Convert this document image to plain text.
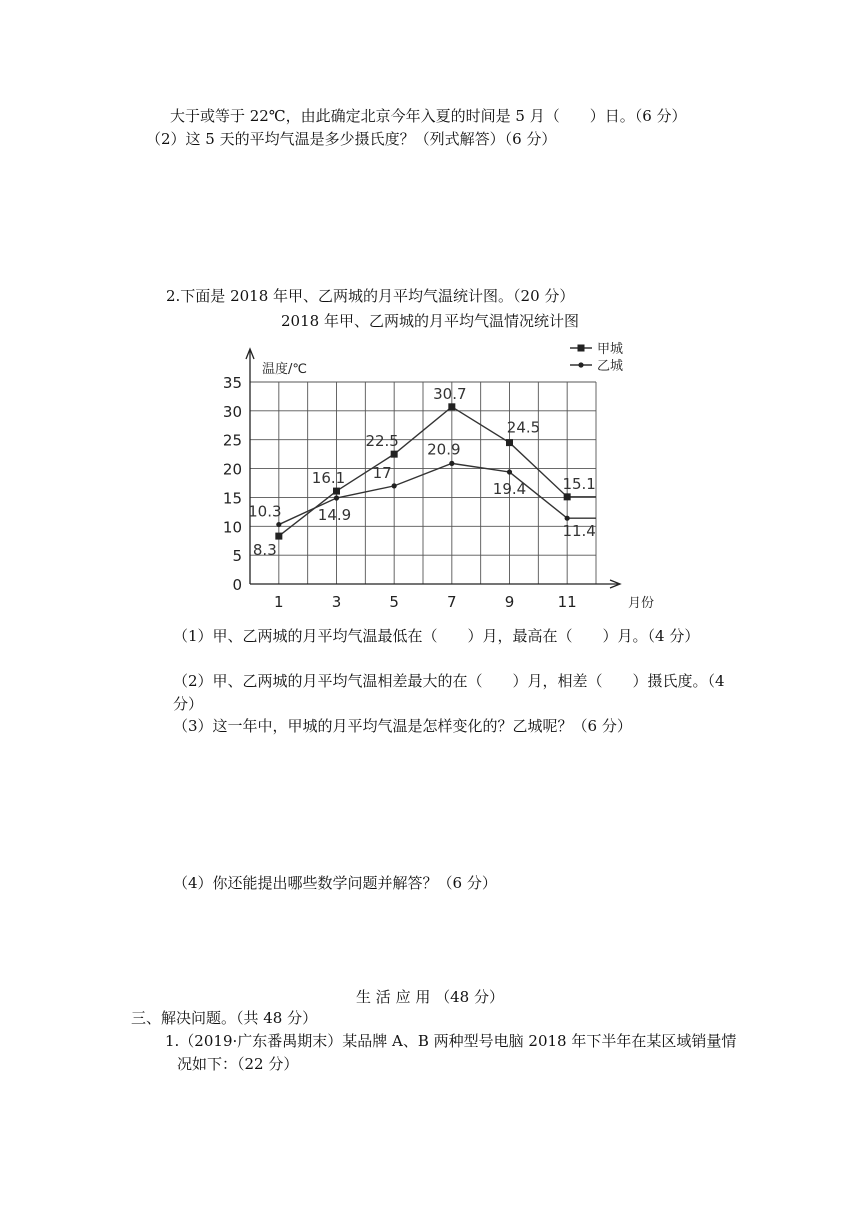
大于或等于 22℃，由此确定北京今年入夏的时间是 5 月（　　）日。（6 分）
（2）这 5 天的平均气温是多少摄氏度？（列式解答）（6 分）
2.下面是 2018 年甲、乙两城的月平均气温统计图。（20 分）
2018 年甲、乙两城的月平均气温情况统计图
0
5
10
15
20
25
30
35
1	3	5	7	9	11
温度/℃
月份
8.3
16.1
22.5
30.7
24.5
15.1
10.3 14.9
17
20.9
19.4
11.4
甲城
乙城
（1）甲、乙两城的月平均气温最低在（　　）月，最高在（　　）月。（4 分）
（2）甲、乙两城的月平均气温相差最大的在（　　）月，相差（　　）摄氏度。（4 分）
（3）这一年中，甲城的月平均气温是怎样变化的？乙城呢？（6 分）
（4）你还能提出哪些数学问题并解答？（6 分）
生 活 应 用 （48 分）
三、解决问题。（共 48 分）
1.（2019·广东番禺期末）某品牌 A、B 两种型号电脑 2018 年下半年在某区域销量情况如下：（22 分）
